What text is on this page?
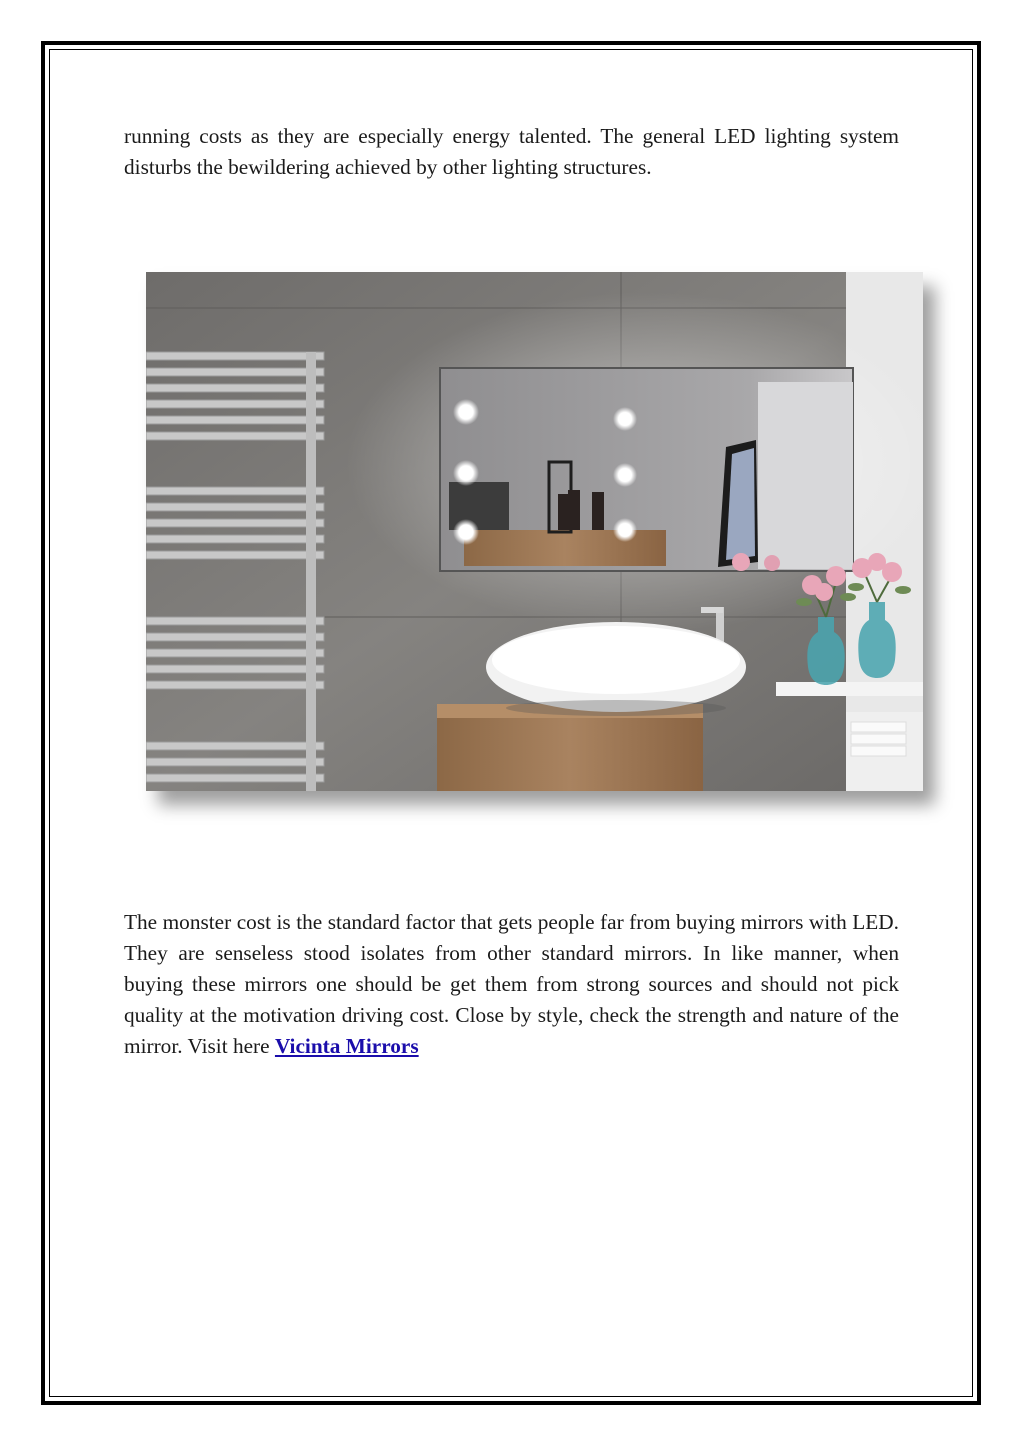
running costs as they are especially energy talented. The general LED lighting system disturbs the bewildering achieved by other lighting structures.

The monster cost is the standard factor that gets people far from buying mirrors with LED. They are senseless stood isolates from other standard mirrors. In like manner, when buying these mirrors one should be get them from strong sources and should not pick quality at the motivation driving cost. Close by style, check the strength and nature of the mirror. Visit here Vicinta Mirrors
